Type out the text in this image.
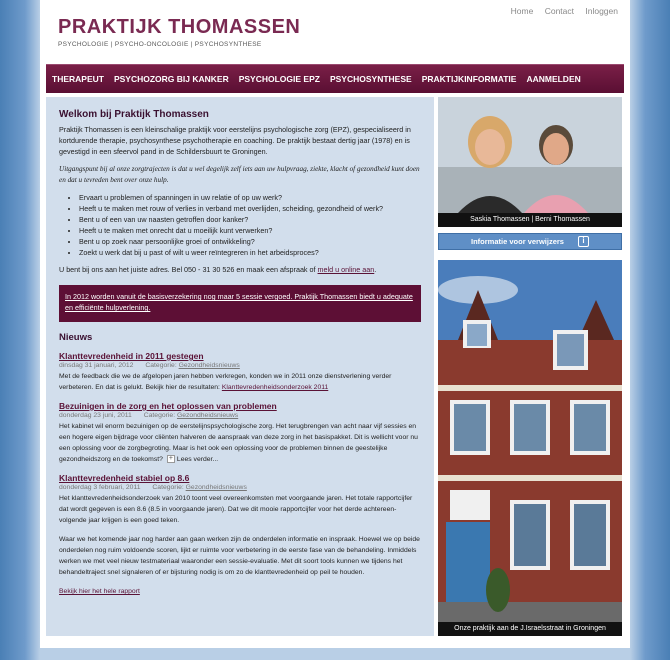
Home Contact Inloggen
PRAKTIJK THOMASSEN
PSYCHOLOGIE | PSYCHO-ONCOLOGIE | PSYCHOSYNTHESE
THERAPEUT PSYCHOZORG BIJ KANKER PSYCHOLOGIE EPZ PSYCHOSYNTHESE PRAKTIJKINFORMATIE AANMELDEN
Welkom bij Praktijk Thomassen

Praktijk Thomassen is een kleinschalige praktijk voor eerstelijns psychologische zorg (EPZ), gespecialiseerd in kortdurende therapie, psychosynthese psychotherapie en coaching. De praktijk bestaat dertig jaar (1978) en is gevestigd in een sfeervol pand in de Schildersbuurt te Groningen.

Uitgangspunt bij al onze zorgtrajecten is dat u wel degelijk zelf iets aan uw hulpvraag, ziekte, klacht of gezondheid kunt doen en dat u tevreden bent over onze hulp.

• Ervaart u problemen of spanningen in uw relatie of op uw werk?
• Heeft u te maken met rouw of verlies in verband met overlijden, scheiding, gezondheid of werk?
• Bent u of een van uw naasten getroffen door kanker?
• Heeft u te maken met onrecht dat u moeilijk kunt verwerken?
• Bent u op zoek naar persoonlijke groei of ontwikkeling?
• Zoekt u werk dat bij u past of wilt u weer reïntegreren in het arbeidsproces?

U bent bij ons aan het juiste adres. Bel 050 - 31 30 526 en maak een afspraak of meld u online aan.

In 2012 worden vanuit de basisverzekering nog maar 5 sessie vergoed. Praktijk Thomassen biedt u adequate en efficiënte hulpverlening.
Nieuws
Klanttevredenheid in 2011 gestegen
dinsdag 31 januari, 2012 Categorie: Gezondheidsnieuws
Met de feedback die we de afgelopen jaren hebben verkregen, konden we in 2011 onze dienstverlening verder verbeteren. En dat is gelukt. Bekijk hier de resultaten: Klanttevredenheidsonderzoek 2011
Bezuinigen in de zorg en het oplossen van problemen
donderdag 23 juni, 2011 Categorie: Gezondheidsnieuws
Het kabinet wil enorm bezuinigen op de eerstelijnspsychologische zorg. Het terugbrengen van acht naar vijf sessies en een hogere eigen bijdrage voor cliënten halveren de aanspraak van deze zorg in het basispakket. Dit is wellicht voor nu een oplossing voor de zorgbegroting. Maar is het ook een oplossing voor de problemen binnen de geestelijke gezondheidszorg en de toekomst? + Lees verder...
Klanttevredenheid stabiel op 8.6
donderdag 3 februari, 2011 Categorie: Gezondheidsnieuws
Het klanttevredenheidsonderzoek van 2010 toont veel overeenkomsten met voorgaande jaren. Het totale rapportcijfer dat wordt gegeven is een 8.6 (8.5 in voorgaande jaren). Dat we dit mooie rapportcijfer voor het derde achtereen-volgende jaar krijgen is een goed teken.
Waar we het komende jaar nog harder aan gaan werken zijn de onderdelen informatie en inspraak. Hoewel we op beide onderdelen nog ruim voldoende scoren, lijkt er ruimte voor verbetering in de eerste fase van de behandeling. Inmiddels werken we met veel nieuw testmateriaal waaronder een sessie-evaluatie. Met dit soort tools kunnen we tijdens het behandeltraject snel signaleren of er bijsturing nodig is om zo de klanttevredenheid op peil te houden.
Bekijk hier het hele rapport
Saskia Thomassen | Berni Thomassen
Informatie voor verwijzers	i
Onze praktijk aan de J.Israelsstraat in Groningen
